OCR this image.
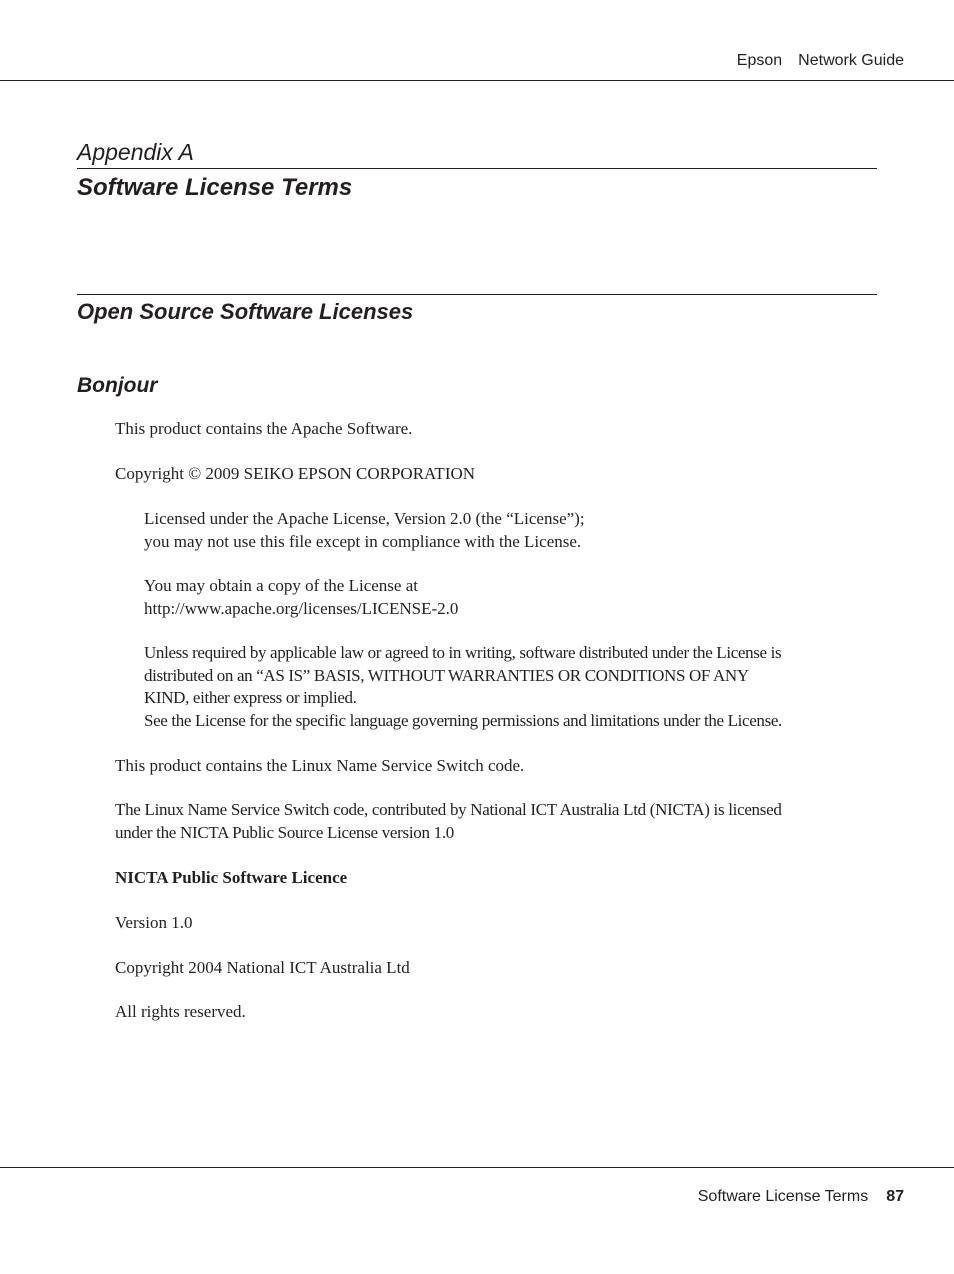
Epson Network Guide
Appendix A
Software License Terms
Open Source Software Licenses
Bonjour

This product contains the Apache Software.

Copyright © 2009 SEIKO EPSON CORPORATION

Licensed under the Apache License, Version 2.0 (the “License”);
you may not use this file except in compliance with the License.

You may obtain a copy of the License at
http://www.apache.org/licenses/LICENSE-2.0

Unless required by applicable law or agreed to in writing, software distributed under the License is
distributed on an “AS IS” BASIS, WITHOUT WARRANTIES OR CONDITIONS OF ANY
KIND, either express or implied.
See the License for the specific language governing permissions and limitations under the License.

This product contains the Linux Name Service Switch code.

The Linux Name Service Switch code, contributed by National ICT Australia Ltd (NICTA) is licensed
under the NICTA Public Source License version 1.0

NICTA Public Software Licence

Version 1.0

Copyright 2004 National ICT Australia Ltd

All rights reserved.

Software License Terms 87
